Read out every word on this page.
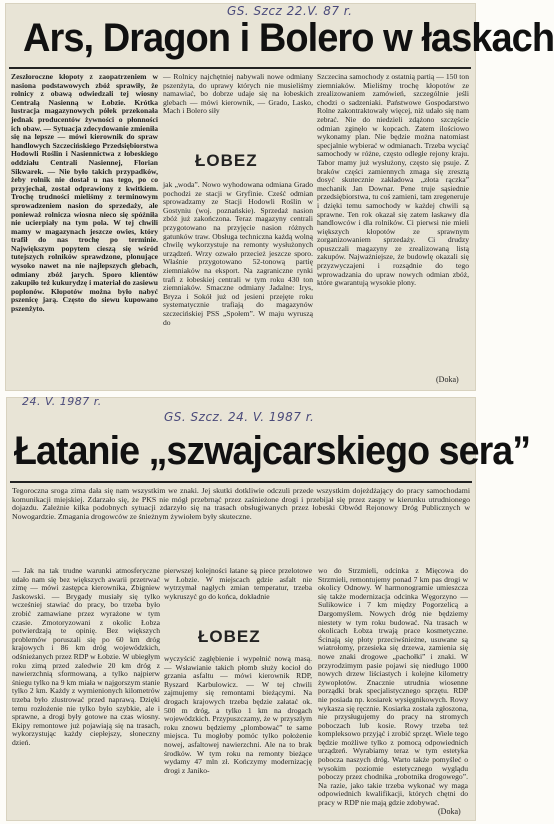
GS. Szcz 22.V. 87 r.
Ars, Dragon i Bolero w łaskach
Zeszłoroczne kłopoty z zaopatrzeniem w nasiona podstawowych zbóż sprawiły, że rolnicy z obawą odwiedzali tej wiosny Centralą Nasienną w Łobzie. Krótka lustracja magazynowych półek przekonała jednak producentów żywności o płonności ich obaw. — Sytuacja zdecydowanie zmieniła się na lepsze — mówi kierownik do spraw handlowych Szczecińskiego Przedsiębiorstwa Hodowli Roślin i Nasiennictwa z łobeskiego oddziału Centrali Nasiennej, Florian Sikwarek. — Nie było takich przypadków, żeby rolnik nie dostał u nas tego, po co przyjechał, został odprawiony z kwitkiem. Trochę trudności mieliśmy z terminowym sprowadzeniem nasion do sprzedaży, ale ponieważ rolnicza wiosna nieco się spóźniła nie ucierpiały na tym pola. W tej chwili mamy w magazynach jeszcze owies, który trafił do nas trochę po terminie. Największym popytem cieszą się wśród tutejszych rolników sprawdzone, plonujące wysoko nawet na nie najlepszych glebach, odmiany zbóż jarych. Sporo klientów zakupiło też kukurydzę i materiał do zasiewu poplonów. Kłopotów można było nabyć pszenicę jarą. Często do siewu kupowano pszenżyto.
— Rolnicy najchętniej nabywali nowe odmiany pszenżyta, do uprawy których nie musieliśmy namawiać, bo dobrze udaje się na łobeskich glebach — mówi kierownik, — Grado, Lasko, Mach i Bolero siły
ŁOBEZ
jak „woda”. Nowo wyhodowana odmiana Grado pochodzi ze stacji w Gryfinie. Cześć odmian sprowadzamy ze Stacji Hodowli Roślin w Gostyniu (woj. poznańskie). Sprzedaż nasion zbóż już zakończona. Teraz magazyny centrali przygotowano na przyjęcie nasion różnych gatunków traw. Obsługa techniczna każdą wolną chwilę wykorzystuje na remonty wysłużonych urządzeń. Wrzy ozwało przecież jeszcze sporo. Właśnie przygotowano 52-tonową partię ziemniaków na eksport. Na zagraniczne rynki trafi z łobeskiej centrali w tym roku 430 ton ziemniaków. Smaczne odmiany Jadalne: Irys, Bryza i Sokół już od jesieni przejęte roku systematycznie trafiają do magazynów szczecińskiej PSS „Społem”. W maju wyruszą do
Szczecina samochody z ostatnią partią — 150 ton ziemniaków. Mieliśmy trochę kłopotów ze zrealizowaniem zamówień, szczególnie jeśli chodzi o sadzeniaki. Państwowe Gospodarstwo Rolne zakontraktowały więcej, niż udało się nam zebrać. Nie do niedzieli zdążono szczęście odmian zginęło w kopcach. Zatem ilościowo wykonamy plan. Nie będzie można natomiast specjalnie wybierać w odmianach. Trzeba wyciąć samochody w różne, często odległe rejony kraju. Tabor mamy już wysłużony, często się psuje. Z braków części zamiennych zmaga się zresztą dosyć skutecznie zakładowa „złota rączka” mechanik Jan Downar. Pene truje sąsiednie przedsiębiorstwa, tu coś zamieni, tam zregeneruje i dzięki temu samochody w każdej chwili są sprawne. Ten rok okazał się zatem łaskawy dla handlowców i dla rolników. Ci pierwsi nie mieli większych kłopotów ze sprawnym zorganizowaniem sprzedaży. Ci drudzy opuszczali magazyny ze zrealizowaną listą zakupów. Najważniejsze, że budowlę okazali się przyzwyczajeni i rozsądnie do tego wprowadzania do upraw nowych odmian zbóż, które gwarantują wysokie plony.
(Doka)
24. V. 1987 r.
GS. Szcz. 24. V. 1987 r.
Łatanie „szwajcarskiego sera”
Tegoroczna sroga zima dała się nam wszystkim we znaki. Jej skutki dotkliwie odczuli przede wszystkim dojeżdżający do pracy samochodami komunikacji miejskiej. Zdarzało się, że PKS nie mógł przebrnąć przez zaśnieżone drogi i przebijał się przez zaspy w kierunku utrudnionego dojazdu. Zależnie kilka podobnych sytuacji zdarzyło się na trasach obsługiwanych przez łobeski Obwód Rejonowy Dróg Publicznych w Nowogardzie. Zmagania drogowców ze śnieżnym żywiołem były skuteczne.
— Jak na tak trudne warunki atmosferyczne udało nam się bez większych awarii przetrwać zimę — mówi zastępca kierownika, Zbigniew Jaskowski. — Brygady musiały się tylko wcześniej stawiać do pracy, bo trzeba było zrobić zamawiane przez wyrażone w tym czasie. Zmotoryzowani z okolic Łobza potwierdzają te opinię. Bez większych problemów poruszali się po 60 km dróg krajowych i 86 km dróg wojewódzkich, odśnieżanych przez RDP w Łobzie. W ubiegłym roku zimą przed zaledwie 20 km dróg z nawierzchnią sformowaną, a tylko najpierw śniegu tylko na 9 km miała w najgorszym stanie tylko 2 km. Każdy z wymienionych kilometrów trzeba było zlustrować przed naprawą. Dzięki temu rozłożenie nie tylko było szybkie, ale i sprawne, a drogi były gotowe na czas wiosny. Ekipy remontowe już pojawiają się na trasach, wykorzystując każdy ciepłejszy, słoneczny dzień.
pierwszej kolejności łatane są piece przelotowe w Łobzie. W miejscach gdzie asfalt nie wytrzymał nagłych zmian temperatur, trzeba wykruszyć go do końca, dokładnie
ŁOBEZ
wyczyścić zagłębienie i wypełnić nową masą. — Wsławianie takich płomb służy kocioł do grzania asfaltu — mówi kierownik RDP, Ryszard Karbulowicz. — W tej chwili zajmujemy się remontami bieżącymi. Na drogach krajowych trzeba będzie załatać ok. 500 m dróg, a tylko 1 km na drogach wojewódzkich. Przypuszczamy, że w przyszłym roku znowu będziemy „plombować” te same miejsca. Tu mogłoby pomóc tylko położenie nowej, asfaltowej nawierzchni. Ale na to brak środków. W tym roku na remonty bieżące wydamy 47 mln zł. Kończymy modernizację drogi z Janiko-
wo do Strzmieli, odcinka z Mięcowa do Strzmieli, remontujemy ponad 7 km pas drogi w okolicy Odnowy. W harmonogramie umieszcza się także modernizacja odcinka Węgorzyno — Sulikowice i 7 km między Pogorzelicą a Dargomyślem. Nowych dróg nie będziemy niestety w tym roku budować. Na trasach w okolicach Łobza trwają prace kosmetyczne. Ścinają się płoty przeciwśnieżne, usuwane są wiatrołomy, przesieka się drzewa, zamienia się nowe znaki drogowe „pachołki” i znaki. W przyrodzimym pasie pojawi się niedługo 1000 nowych drzew liściastych i kolejne kilometry żywopłotów. Znacznie utrudnia wiosenne porządki brak specjalistycznego sprzętu. RDP nie posiada np. kosiarek wysięgnikowych. Rowy wykasza się ręcznie. Kosiarka została zgłoszona, nie przysługujemy do pracy na stromych poboczach lub kosie. Rowy trzeba też kompleksowo przyjąć i zrobić sprzęt. Wiele tego będzie możliwe tylko z pomocą odpowiednich urządzeń. Wyrabiamy teraz w tym estetyka pobocza naszych dróg. Warto także pomyśleć o wysokim poziomie estetycznego wyglądu poboczy przez chodnika „robotnika drogowego”. Na razie, jako takie trzeba wykonać wy maga odpowiednich kwalifikacji, których chętni do pracy w RDP nie mają gdzie zdobywać.
(Doka)
